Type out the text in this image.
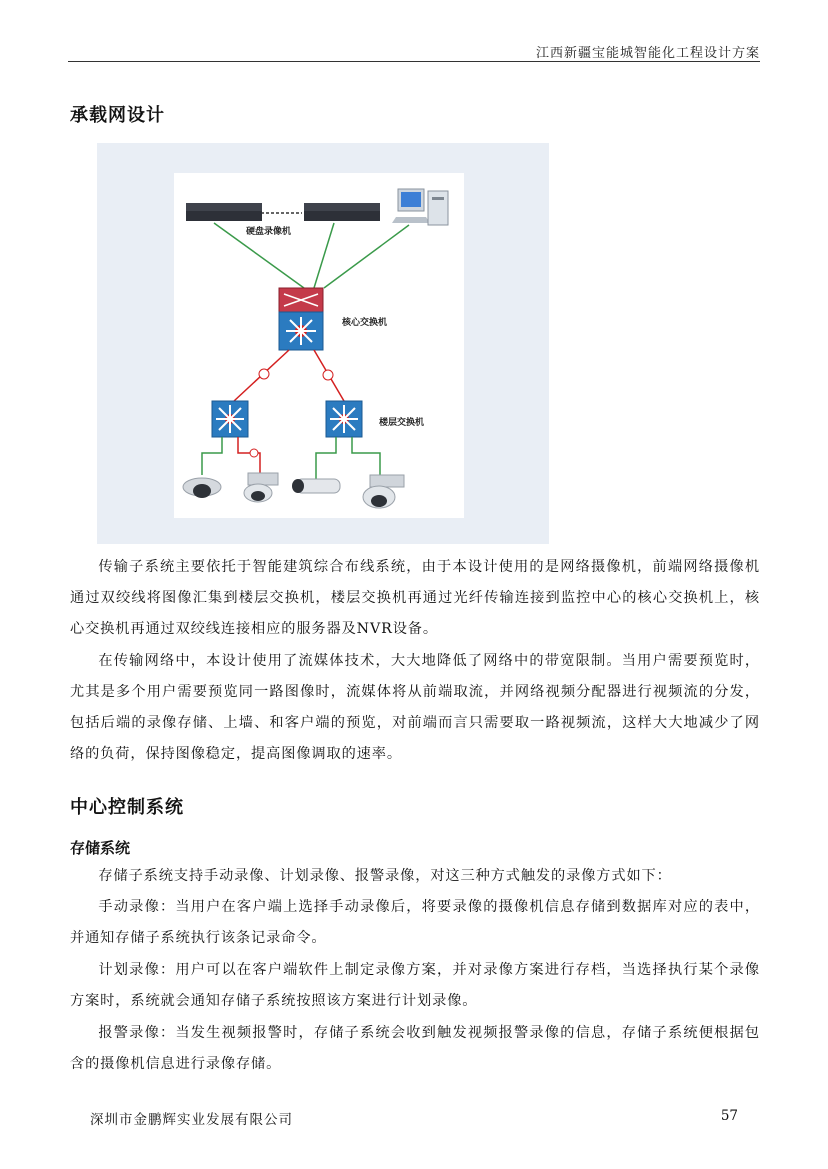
江西新疆宝能城智能化工程设计方案
承载网设计
硬盘录像机
核心交换机
楼层交换机

传输子系统主要依托于智能建筑综合布线系统，由于本设计使用的是网络摄像机，前端网络摄像机通过双绞线将图像汇集到楼层交换机，楼层交换机再通过光纤传输连接到监控中心的核心交换机上，核心交换机再通过双绞线连接相应的服务器及NVR设备。

在传输网络中，本设计使用了流媒体技术，大大地降低了网络中的带宽限制。当用户需要预览时，尤其是多个用户需要预览同一路图像时，流媒体将从前端取流，并网络视频分配器进行视频流的分发，包括后端的录像存储、上墙、和客户端的预览，对前端而言只需要取一路视频流，这样大大地减少了网络的负荷，保持图像稳定，提高图像调取的速率。

中心控制系统
存储系统

存储子系统支持手动录像、计划录像、报警录像，对这三种方式触发的录像方式如下：

手动录像：当用户在客户端上选择手动录像后，将要录像的摄像机信息存储到数据库对应的表中，并通知存储子系统执行该条记录命令。

计划录像：用户可以在客户端软件上制定录像方案，并对录像方案进行存档，当选择执行某个录像方案时，系统就会通知存储子系统按照该方案进行计划录像。

报警录像：当发生视频报警时，存储子系统会收到触发视频报警录像的信息，存储子系统便根据包含的摄像机信息进行录像存储。

深圳市金鹏辉实业发展有限公司	57
